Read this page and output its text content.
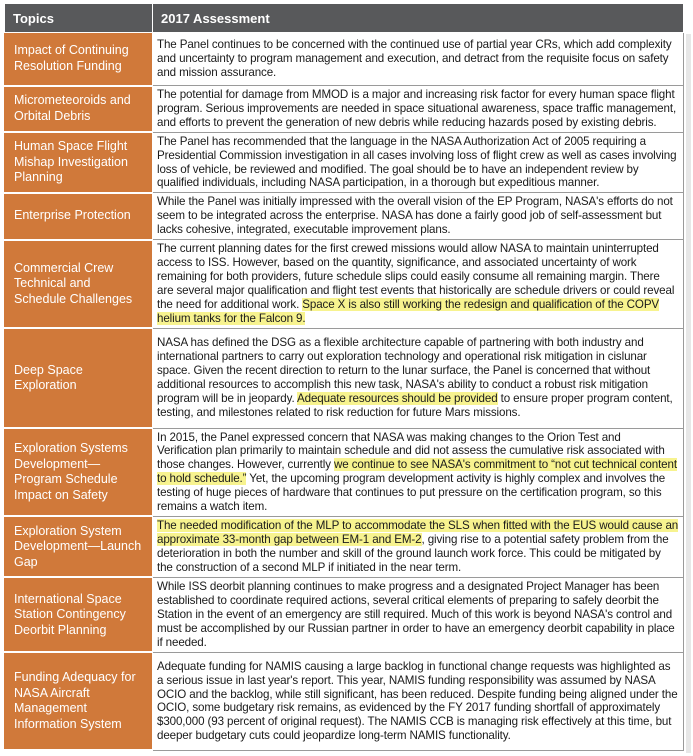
Topics	2017 Assessment
Impact of Continuing Resolution Funding	The Panel continues to be concerned with the continued use of partial year CRs, which add complexity and uncertainty to program management and execution, and detract from the requisite focus on safety and mission assurance.
Micrometeoroids and Orbital Debris	The potential for damage from MMOD is a major and increasing risk factor for every human space flight program. Serious improvements are needed in space situational awareness, space traffic management, and efforts to prevent the generation of new debris while reducing hazards posed by existing debris.
Human Space Flight Mishap Investigation Planning	The Panel has recommended that the language in the NASA Authorization Act of 2005 requiring a Presidential Commission investigation in all cases involving loss of flight crew as well as cases involving loss of vehicle, be reviewed and modified. The goal should be to have an independent review by qualified individuals, including NASA participation, in a thorough but expeditious manner.
Enterprise Protection	While the Panel was initially impressed with the overall vision of the EP Program, NASA's efforts do not seem to be integrated across the enterprise. NASA has done a fairly good job of self-assessment but lacks cohesive, integrated, executable improvement plans.
Commercial Crew Technical and Schedule Challenges	The current planning dates for the first crewed missions would allow NASA to maintain uninterrupted access to ISS. However, based on the quantity, significance, and associated uncertainty of work remaining for both providers, future schedule slips could easily consume all remaining margin. There are several major qualification and flight test events that historically are schedule drivers or could reveal the need for additional work. Space X is also still working the redesign and qualification of the COPV helium tanks for the Falcon 9.
Deep Space Exploration	NASA has defined the DSG as a flexible architecture capable of partnering with both industry and international partners to carry out exploration technology and operational risk mitigation in cislunar space. Given the recent direction to return to the lunar surface, the Panel is concerned that without additional resources to accomplish this new task, NASA's ability to conduct a robust risk mitigation program will be in jeopardy. Adequate resources should be provided to ensure proper program content, testing, and milestones related to risk reduction for future Mars missions.
Exploration Systems Development— Program Schedule Impact on Safety	In 2015, the Panel expressed concern that NASA was making changes to the Orion Test and Verification plan primarily to maintain schedule and did not assess the cumulative risk associated with those changes. However, currently we continue to see NASA's commitment to “not cut technical content to hold schedule.” Yet, the upcoming program development activity is highly complex and involves the testing of huge pieces of hardware that continues to put pressure on the certification program, so this remains a watch item.
Exploration System Development—Launch Gap	The needed modification of the MLP to accommodate the SLS when fitted with the EUS would cause an approximate 33-month gap between EM-1 and EM-2, giving rise to a potential safety problem from the deterioration in both the number and skill of the ground launch work force. This could be mitigated by the construction of a second MLP if initiated in the near term.
International Space Station Contingency Deorbit Planning	While ISS deorbit planning continues to make progress and a designated Project Manager has been established to coordinate required actions, several critical elements of preparing to safely deorbit the Station in the event of an emergency are still required. Much of this work is beyond NASA's control and must be accomplished by our Russian partner in order to have an emergency deorbit capability in place if needed.
Funding Adequacy for NASA Aircraft Management Information System	Adequate funding for NAMIS causing a large backlog in functional change requests was highlighted as a serious issue in last year's report. This year, NAMIS funding responsibility was assumed by NASA OCIO and the backlog, while still significant, has been reduced. Despite funding being aligned under the OCIO, some budgetary risk remains, as evidenced by the FY 2017 funding shortfall of approximately $300,000 (93 percent of original request). The NAMIS CCB is managing risk effectively at this time, but deeper budgetary cuts could jeopardize long-term NAMIS functionality.
